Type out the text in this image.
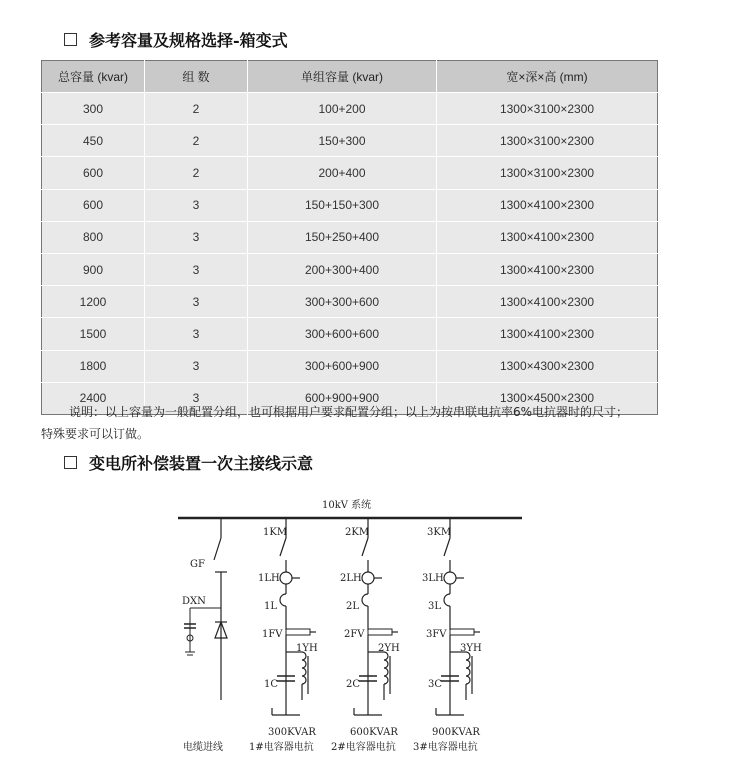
参考容量及规格选择-箱变式
总容量 (kvar)	组 数	单组容量 (kvar)	宽×深×高 (mm)
300	2	100+200	1300×3100×2300
450	2	150+300	1300×3100×2300
600	2	200+400	1300×3100×2300
600	3	150+150+300	1300×4100×2300
800	3	150+250+400	1300×4100×2300
900	3	200+300+400	1300×4100×2300
1200	3	300+300+600	1300×4100×2300
1500	3	300+600+600	1300×4100×2300
1800	3	300+600+900	1300×4300×2300
2400	3	600+900+900	1300×4500×2300
说明：以上容量为一般配置分组，也可根据用户要求配置分组；以上为按串联电抗率6%电抗器时的尺寸；
特殊要求可以订做。
变电所补偿装置一次主接线示意
10kV 系统
GF
DXN
电缆进线
1KM
1LH
1L
1FV
1YH
1C
300KVAR
1#电容器电抗
2KM
2LH
2L
2FV
2YH
2C
600KVAR
2#电容器电抗
3KM
3LH
3L
3FV
3YH
3C
900KVAR
3#电容器电抗
